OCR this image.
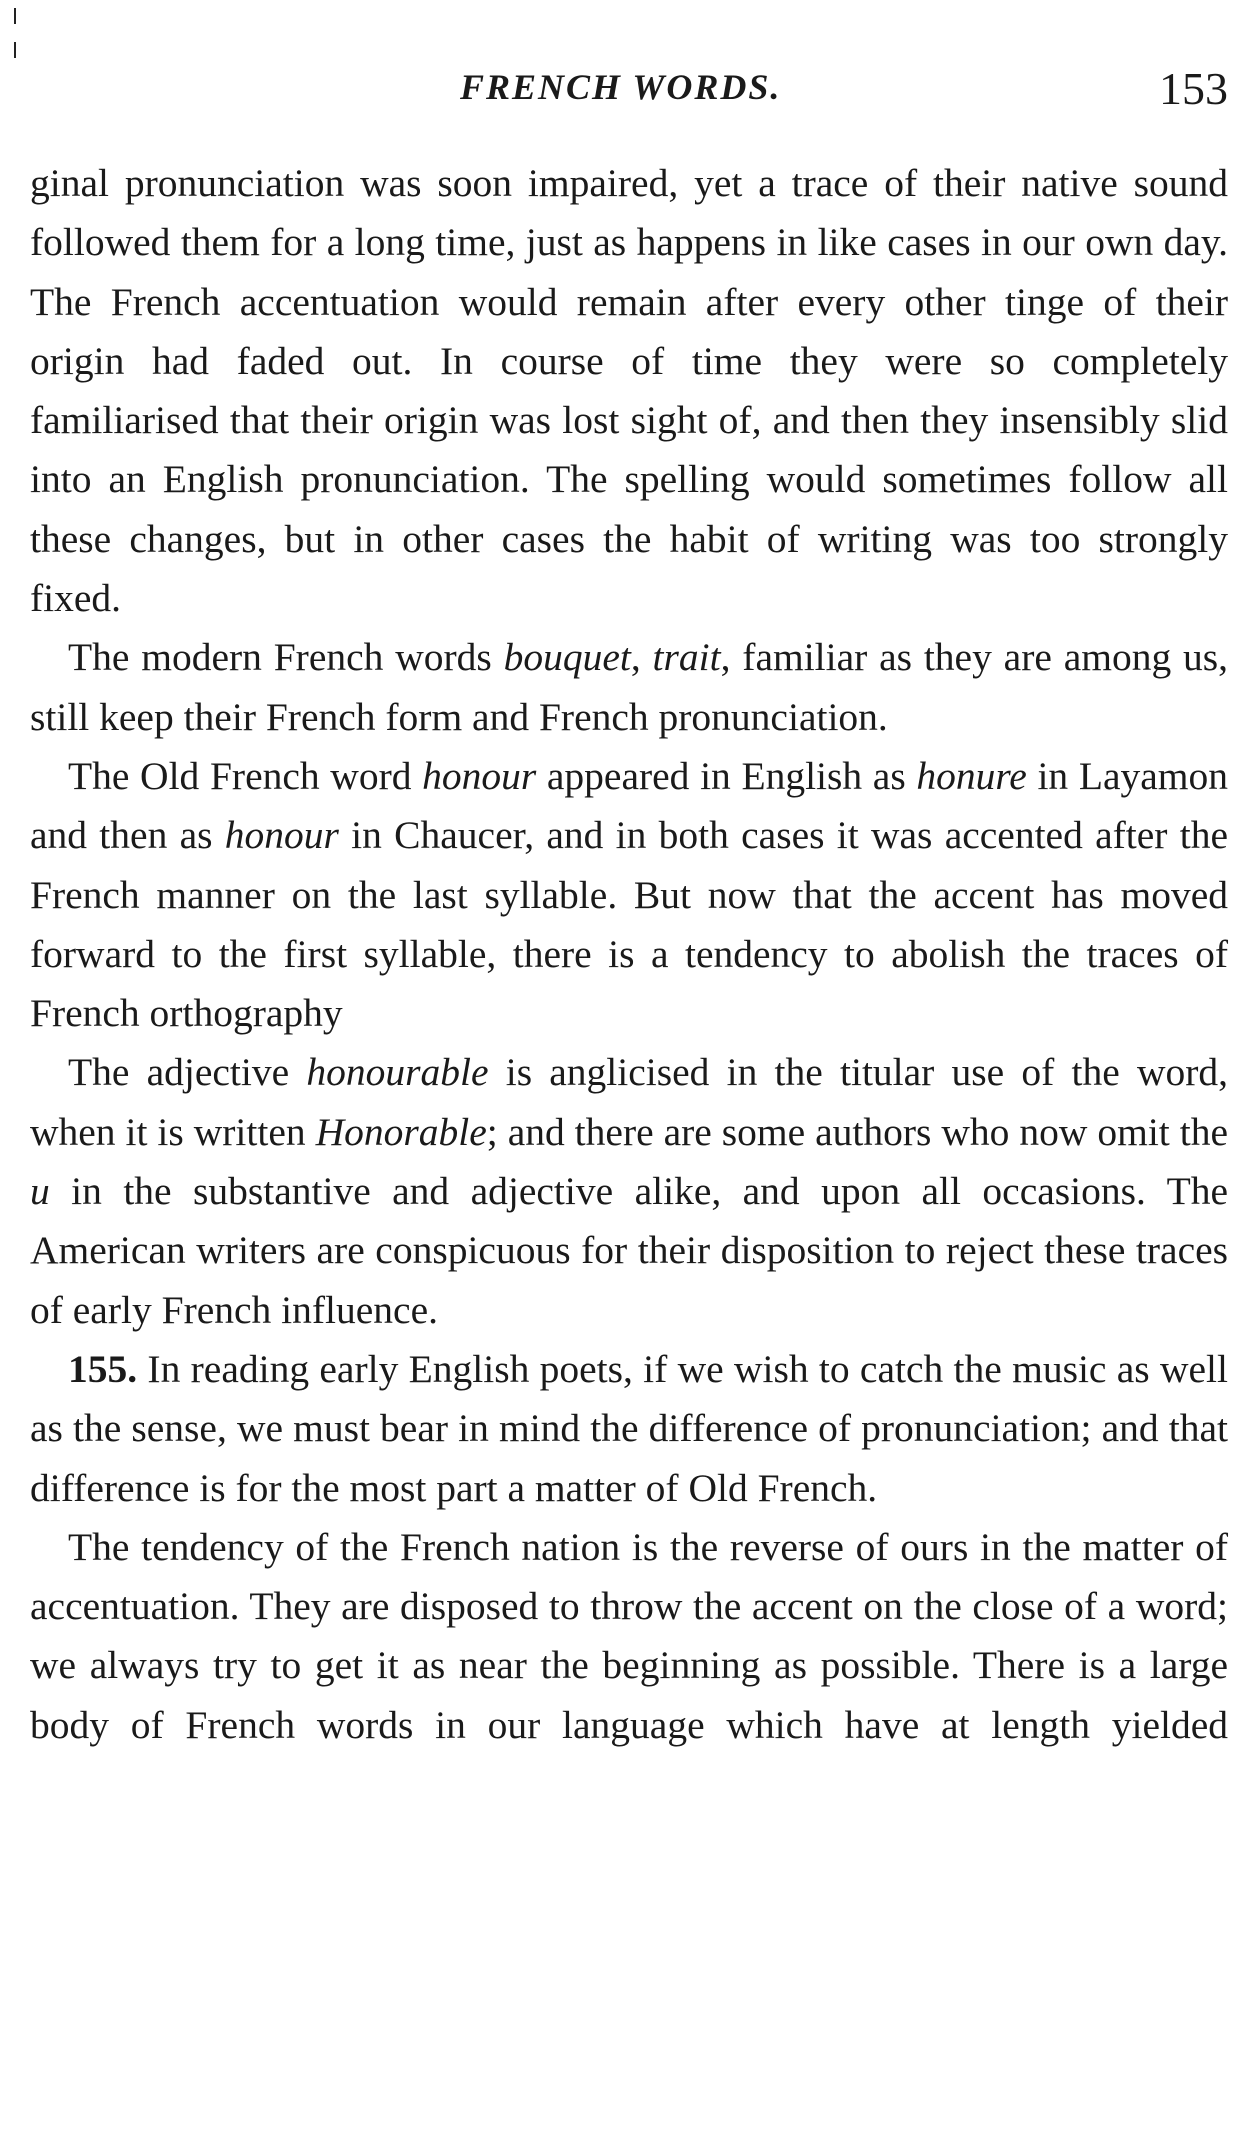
FRENCH WORDS.	153

ginal pronunciation was soon impaired, yet a trace of their native sound followed them for a long time, just as happens in like cases in our own day. The French accentuation would remain after every other tinge of their origin had faded out. In course of time they were so completely familiarised that their origin was lost sight of, and then they insensibly slid into an English pronunciation. The spelling would sometimes follow all these changes, but in other cases the habit of writing was too strongly fixed.

The modern French words bouquet, trait, familiar as they are among us, still keep their French form and French pronunciation.

The Old French word honour appeared in English as honure in Layamon and then as honour in Chaucer, and in both cases it was accented after the French manner on the last syllable. But now that the accent has moved forward to the first syllable, there is a tendency to abolish the traces of French orthography

The adjective honourable is anglicised in the titular use of the word, when it is written Honorable; and there are some authors who now omit the u in the substantive and adjective alike, and upon all occasions. The American writers are conspicuous for their disposition to reject these traces of early French influence.

155. In reading early English poets, if we wish to catch the music as well as the sense, we must bear in mind the difference of pronunciation; and that difference is for the most part a matter of Old French.

The tendency of the French nation is the reverse of ours in the matter of accentuation. They are disposed to throw the accent on the close of a word; we always try to get it as near the beginning as possible. There is a large body of French words in our language which have at length yielded
